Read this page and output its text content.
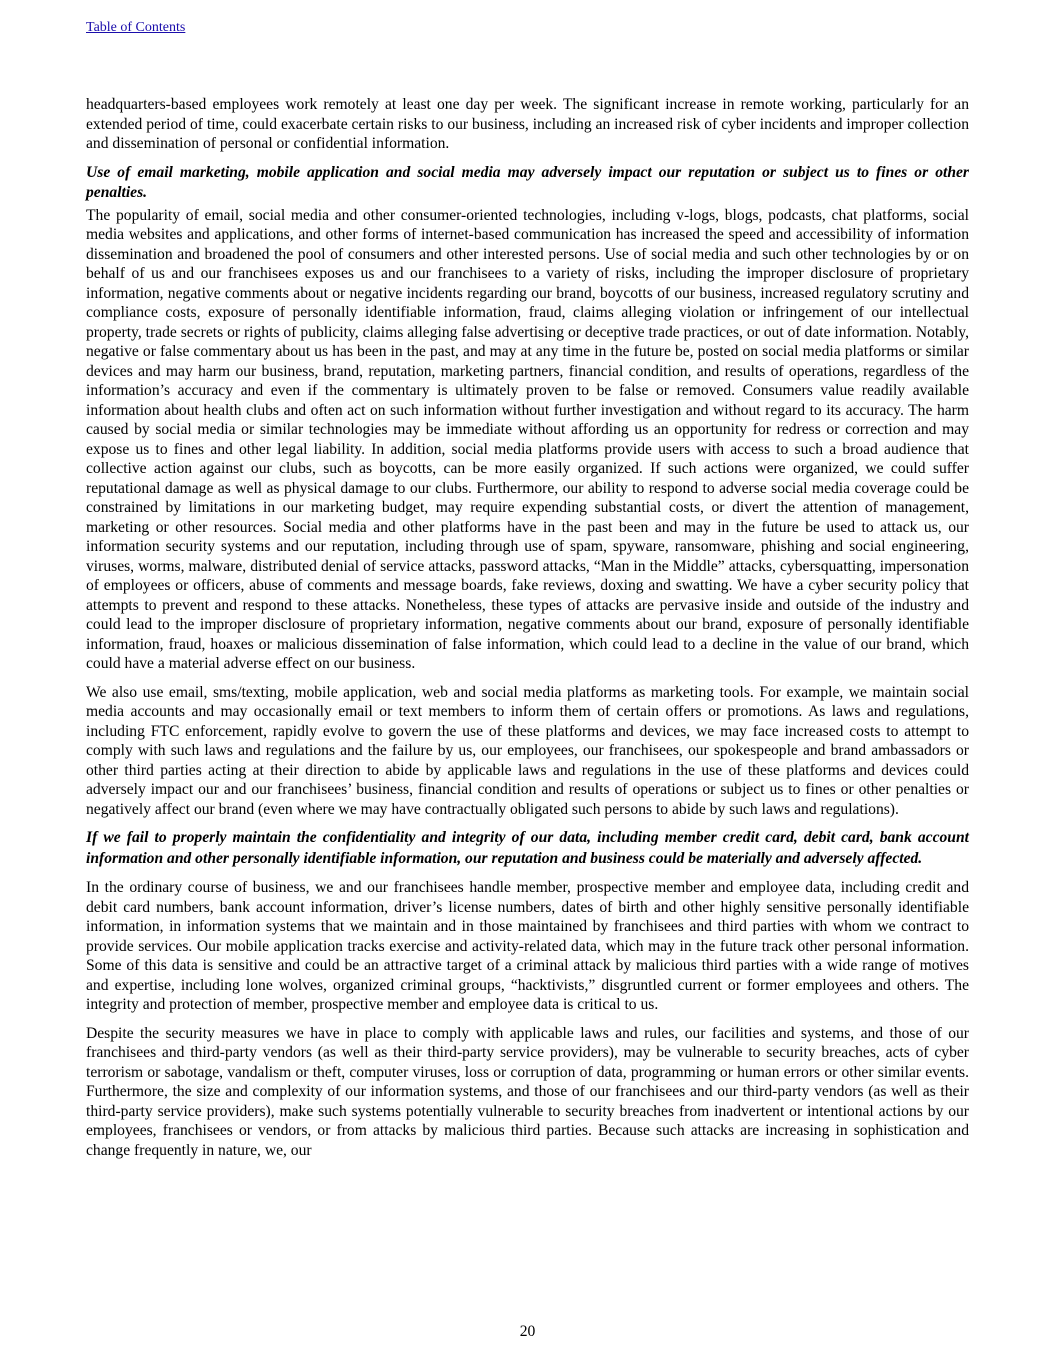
Table of Contents

headquarters-based employees work remotely at least one day per week. The significant increase in remote working, particularly for an extended period of time, could exacerbate certain risks to our business, including an increased risk of cyber incidents and improper collection and dissemination of personal or confidential information.

Use of email marketing, mobile application and social media may adversely impact our reputation or subject us to fines or other penalties.

The popularity of email, social media and other consumer-oriented technologies, including v-logs, blogs, podcasts, chat platforms, social media websites and applications, and other forms of internet-based communication has increased the speed and accessibility of information dissemination and broadened the pool of consumers and other interested persons. Use of social media and such other technologies by or on behalf of us and our franchisees exposes us and our franchisees to a variety of risks, including the improper disclosure of proprietary information, negative comments about or negative incidents regarding our brand, boycotts of our business, increased regulatory scrutiny and compliance costs, exposure of personally identifiable information, fraud, claims alleging violation or infringement of our intellectual property, trade secrets or rights of publicity, claims alleging false advertising or deceptive trade practices, or out of date information. Notably, negative or false commentary about us has been in the past, and may at any time in the future be, posted on social media platforms or similar devices and may harm our business, brand, reputation, marketing partners, financial condition, and results of operations, regardless of the information’s accuracy and even if the commentary is ultimately proven to be false or removed. Consumers value readily available information about health clubs and often act on such information without further investigation and without regard to its accuracy. The harm caused by social media or similar technologies may be immediate without affording us an opportunity for redress or correction and may expose us to fines and other legal liability. In addition, social media platforms provide users with access to such a broad audience that collective action against our clubs, such as boycotts, can be more easily organized. If such actions were organized, we could suffer reputational damage as well as physical damage to our clubs. Furthermore, our ability to respond to adverse social media coverage could be constrained by limitations in our marketing budget, may require expending substantial costs, or divert the attention of management, marketing or other resources. Social media and other platforms have in the past been and may in the future be used to attack us, our information security systems and our reputation, including through use of spam, spyware, ransomware, phishing and social engineering, viruses, worms, malware, distributed denial of service attacks, password attacks, “Man in the Middle” attacks, cybersquatting, impersonation of employees or officers, abuse of comments and message boards, fake reviews, doxing and swatting. We have a cyber security policy that attempts to prevent and respond to these attacks. Nonetheless, these types of attacks are pervasive inside and outside of the industry and could lead to the improper disclosure of proprietary information, negative comments about our brand, exposure of personally identifiable information, fraud, hoaxes or malicious dissemination of false information, which could lead to a decline in the value of our brand, which could have a material adverse effect on our business.

We also use email, sms/texting, mobile application, web and social media platforms as marketing tools. For example, we maintain social media accounts and may occasionally email or text members to inform them of certain offers or promotions. As laws and regulations, including FTC enforcement, rapidly evolve to govern the use of these platforms and devices, we may face increased costs to attempt to comply with such laws and regulations and the failure by us, our employees, our franchisees, our spokespeople and brand ambassadors or other third parties acting at their direction to abide by applicable laws and regulations in the use of these platforms and devices could adversely impact our and our franchisees’ business, financial condition and results of operations or subject us to fines or other penalties or negatively affect our brand (even where we may have contractually obligated such persons to abide by such laws and regulations).

If we fail to properly maintain the confidentiality and integrity of our data, including member credit card, debit card, bank account information and other personally identifiable information, our reputation and business could be materially and adversely affected.

In the ordinary course of business, we and our franchisees handle member, prospective member and employee data, including credit and debit card numbers, bank account information, driver’s license numbers, dates of birth and other highly sensitive personally identifiable information, in information systems that we maintain and in those maintained by franchisees and third parties with whom we contract to provide services. Our mobile application tracks exercise and activity-related data, which may in the future track other personal information. Some of this data is sensitive and could be an attractive target of a criminal attack by malicious third parties with a wide range of motives and expertise, including lone wolves, organized criminal groups, “hacktivists,” disgruntled current or former employees and others. The integrity and protection of member, prospective member and employee data is critical to us.

Despite the security measures we have in place to comply with applicable laws and rules, our facilities and systems, and those of our franchisees and third-party vendors (as well as their third-party service providers), may be vulnerable to security breaches, acts of cyber terrorism or sabotage, vandalism or theft, computer viruses, loss or corruption of data, programming or human errors or other similar events. Furthermore, the size and complexity of our information systems, and those of our franchisees and our third-party vendors (as well as their third-party service providers), make such systems potentially vulnerable to security breaches from inadvertent or intentional actions by our employees, franchisees or vendors, or from attacks by malicious third parties. Because such attacks are increasing in sophistication and change frequently in nature, we, our

20
